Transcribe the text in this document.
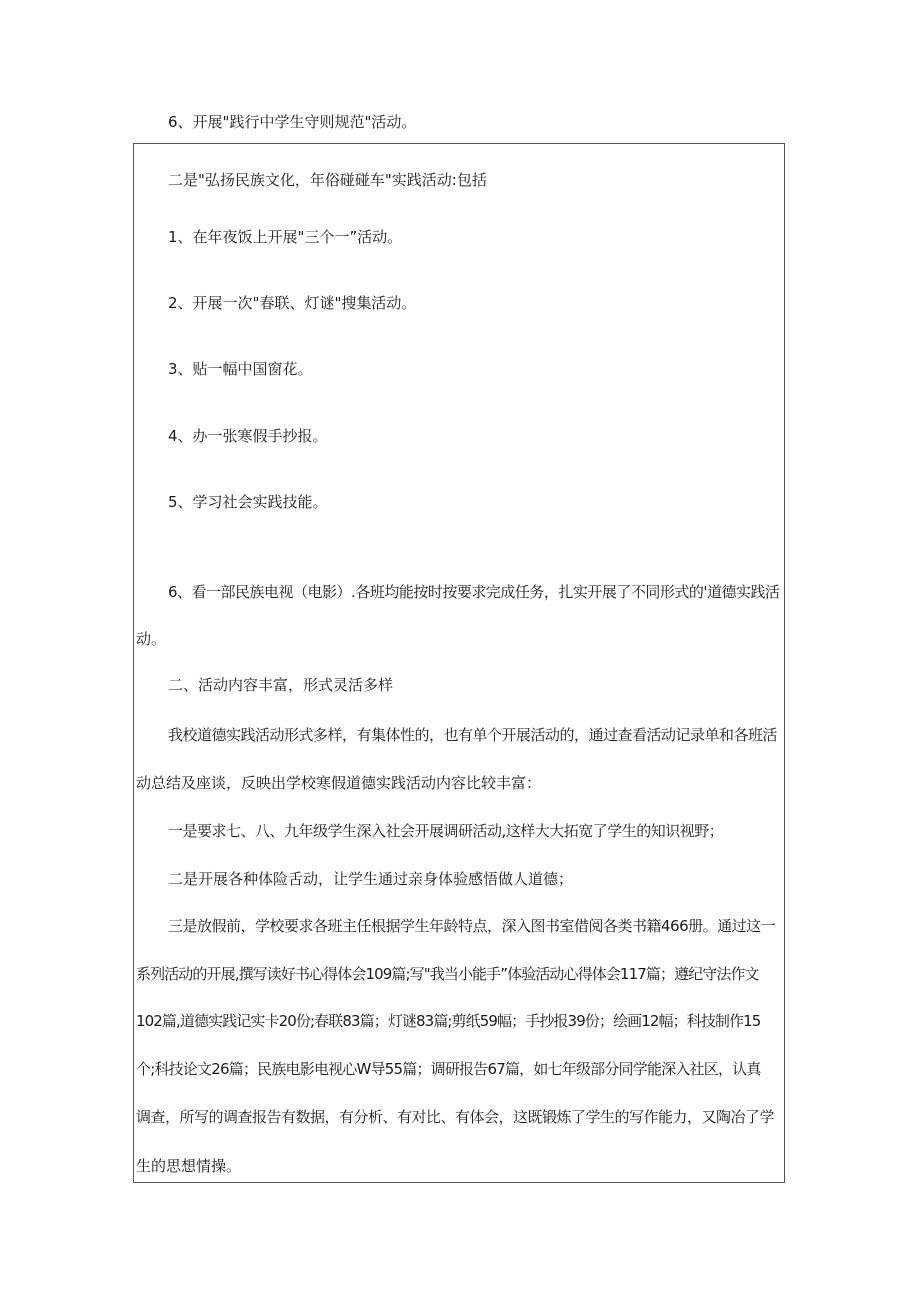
6、开展"践行中学生守则规范"活动。
二是"弘扬民族文化，年俗碰碰车"实践活动:包括
1、在年夜饭上开展"三个一”活动。
2、开展一次"春联、灯谜"搜集活动。
3、贴一幅中国窗花。
4、办一张寒假手抄报。
5、学习社会实践技能。
6、看一部民族电视（电影）.各班均能按时按要求完成任务，扎实开展了不同形式的'道德实践活
动。
二、活动内容丰富，形式灵活多样
我校道德实践活动形式多样，有集体性的，也有单个开展活动的，通过查看活动记录单和各班活
动总结及座谈，反映出学校寒假道德实践活动内容比较丰富：
一是要求七、八、九年级学生深入社会开展调研活动,这样大大拓宽了学生的知识视野；
二是开展各种体险舌动，让学生通过亲身体验感悟做人道德；
三是放假前，学校要求各班主任根据学生年龄特点，深入图书室借阅各类书籍466册。通过这一
系列活动的开展,撰写读好书心得体会109篇;写"我当小能手”体验活动心得体会117篇；遵纪守法作文
102篇,道德实践记实卡20份;春联83篇；灯谜83篇;剪纸59幅；手抄报39份；绘画12幅；科技制作15
个;科技论文26篇；民族电影电视心W导55篇；调研报告67篇，如七年级部分同学能深入社区，认真
调查，所写的调查报告有数据，有分析、有对比、有体会，这既锻炼了学生的写作能力，又陶冶了学
生的思想情操。
